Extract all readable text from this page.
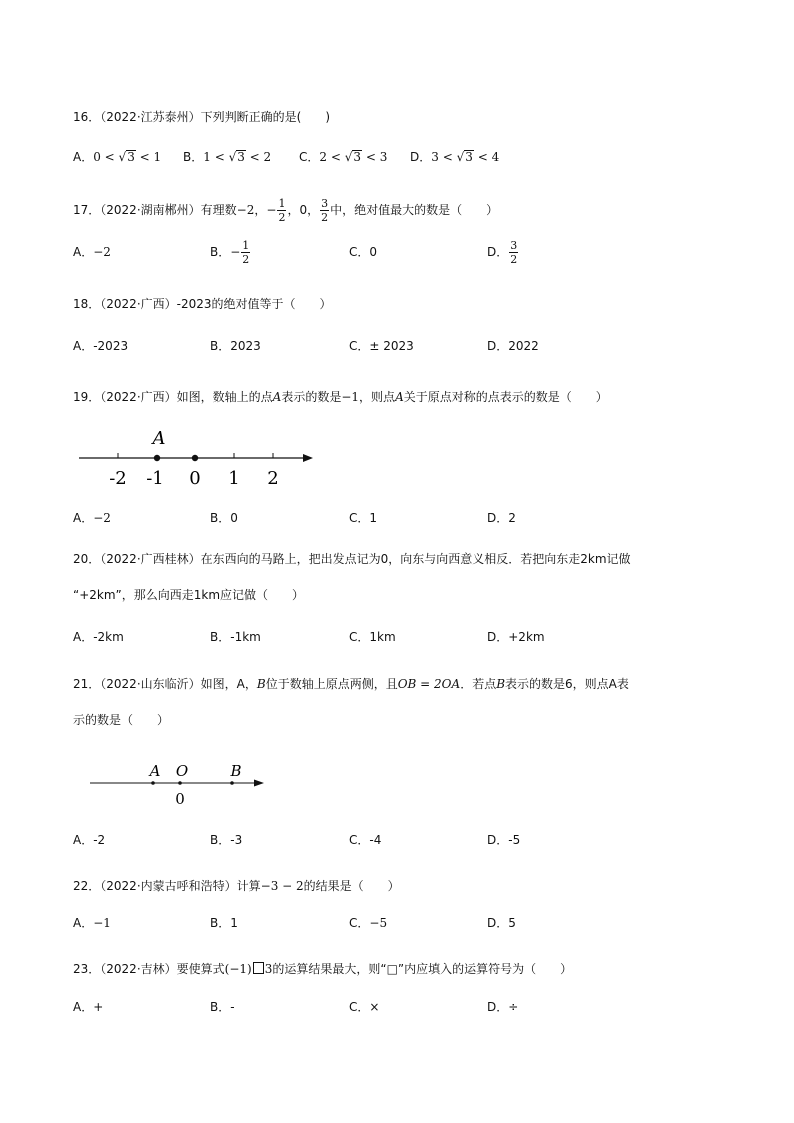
16．（2022·江苏泰州）下列判断正确的是(　　)
A．0 < √3 < 1 B．1 < √3 < 2 C．2 < √3 < 3 D．3 < √3 < 4
17．（2022·湖南郴州）有理数−2，− $\frac{1}{2}$ ，0， $\frac{3}{2}$ 中，绝对值最大的数是（　　）
A．−2	B．− $\frac{1}{2}$	C．0	D． $\frac{3}{2}$
18．（2022·广西）-2023的绝对值等于（　　）
A．-2023	B．2023	C．± 2023	D．2022
19．（2022·广西）如图，数轴上的点A表示的数是−1，则点A关于原点对称的点表示的数是（　　）
A
-2 -1 0 1 2
A．−2	B．0	C．1	D．2
20．（2022·广西桂林）在东西向的马路上，把出发点记为0，向东与向西意义相反．若把向东走2km记做
“+2km”，那么向西走1km应记做（　　）
A．-2km	B．-1km	C．1km	D．+2km
21．（2022·山东临沂）如图，A，B位于数轴上原点两侧，且OB = 2OA．若点B表示的数是6，则点A表
示的数是（　　）
A O	B
0
A．-2	B．-3	C．-4	D．-5
22．（2022·内蒙古呼和浩特）计算−3 − 2的结果是（　　）
A．−1	B．1	C．−5	D．5
23．（2022·吉林）要使算式(−1) 3的运算结果最大，则“□”内应填入的运算符号为（　　）
A．+	B．-	C．×	D．÷
